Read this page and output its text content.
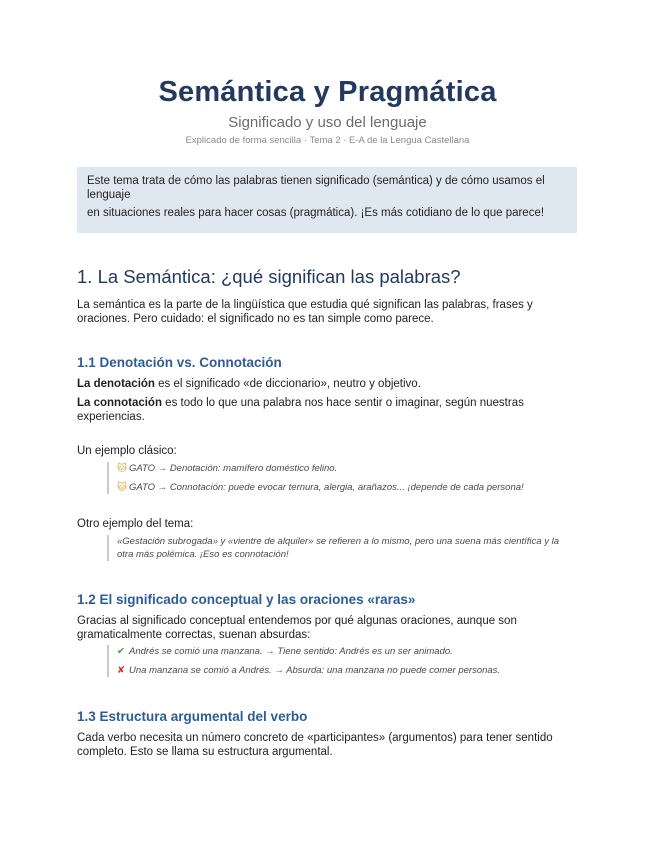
Semántica y Pragmática
Significado y uso del lenguaje
Explicado de forma sencilla · Tema 2 · E-A de la Lengua Castellana

Este tema trata de cómo las palabras tienen significado (semántica) y de cómo usamos el lenguaje

en situaciones reales para hacer cosas (pragmática). ¡Es más cotidiano de lo que parece!

1. La Semántica: ¿qué significan las palabras?
La semántica es la parte de la lingüística que estudia qué significan las palabras, frases y oraciones. Pero cuidado: el significado no es tan simple como parece.
1.1 Denotación vs. Connotación
La denotación es el significado «de diccionario», neutro y objetivo.
La connotación es todo lo que una palabra nos hace sentir o imaginar, según nuestras experiencias.
Un ejemplo clásico:
🐱 GATO → Denotación: mamífero doméstico felino.
🐱 GATO → Connotación: puede evocar ternura, alergia, arañazos... ¡depende de cada persona!
Otro ejemplo del tema:
«Gestación subrogada» y «vientre de alquiler» se refieren a lo mismo, pero una suena más científica y la otra más polémica. ¡Eso es connotación!
1.2 El significado conceptual y las oraciones «raras»
Gracias al significado conceptual entendemos por qué algunas oraciones, aunque son gramaticalmente correctas, suenan absurdas:
✔ Andrés se comió una manzana. → Tiene sentido: Andrés es un ser animado.
✘ Una manzana se comió a Andrés. → Absurda: una manzana no puede comer personas.
1.3 Estructura argumental del verbo
Cada verbo necesita un número concreto de «participantes» (argumentos) para tener sentido completo. Esto se llama su estructura argumental.
